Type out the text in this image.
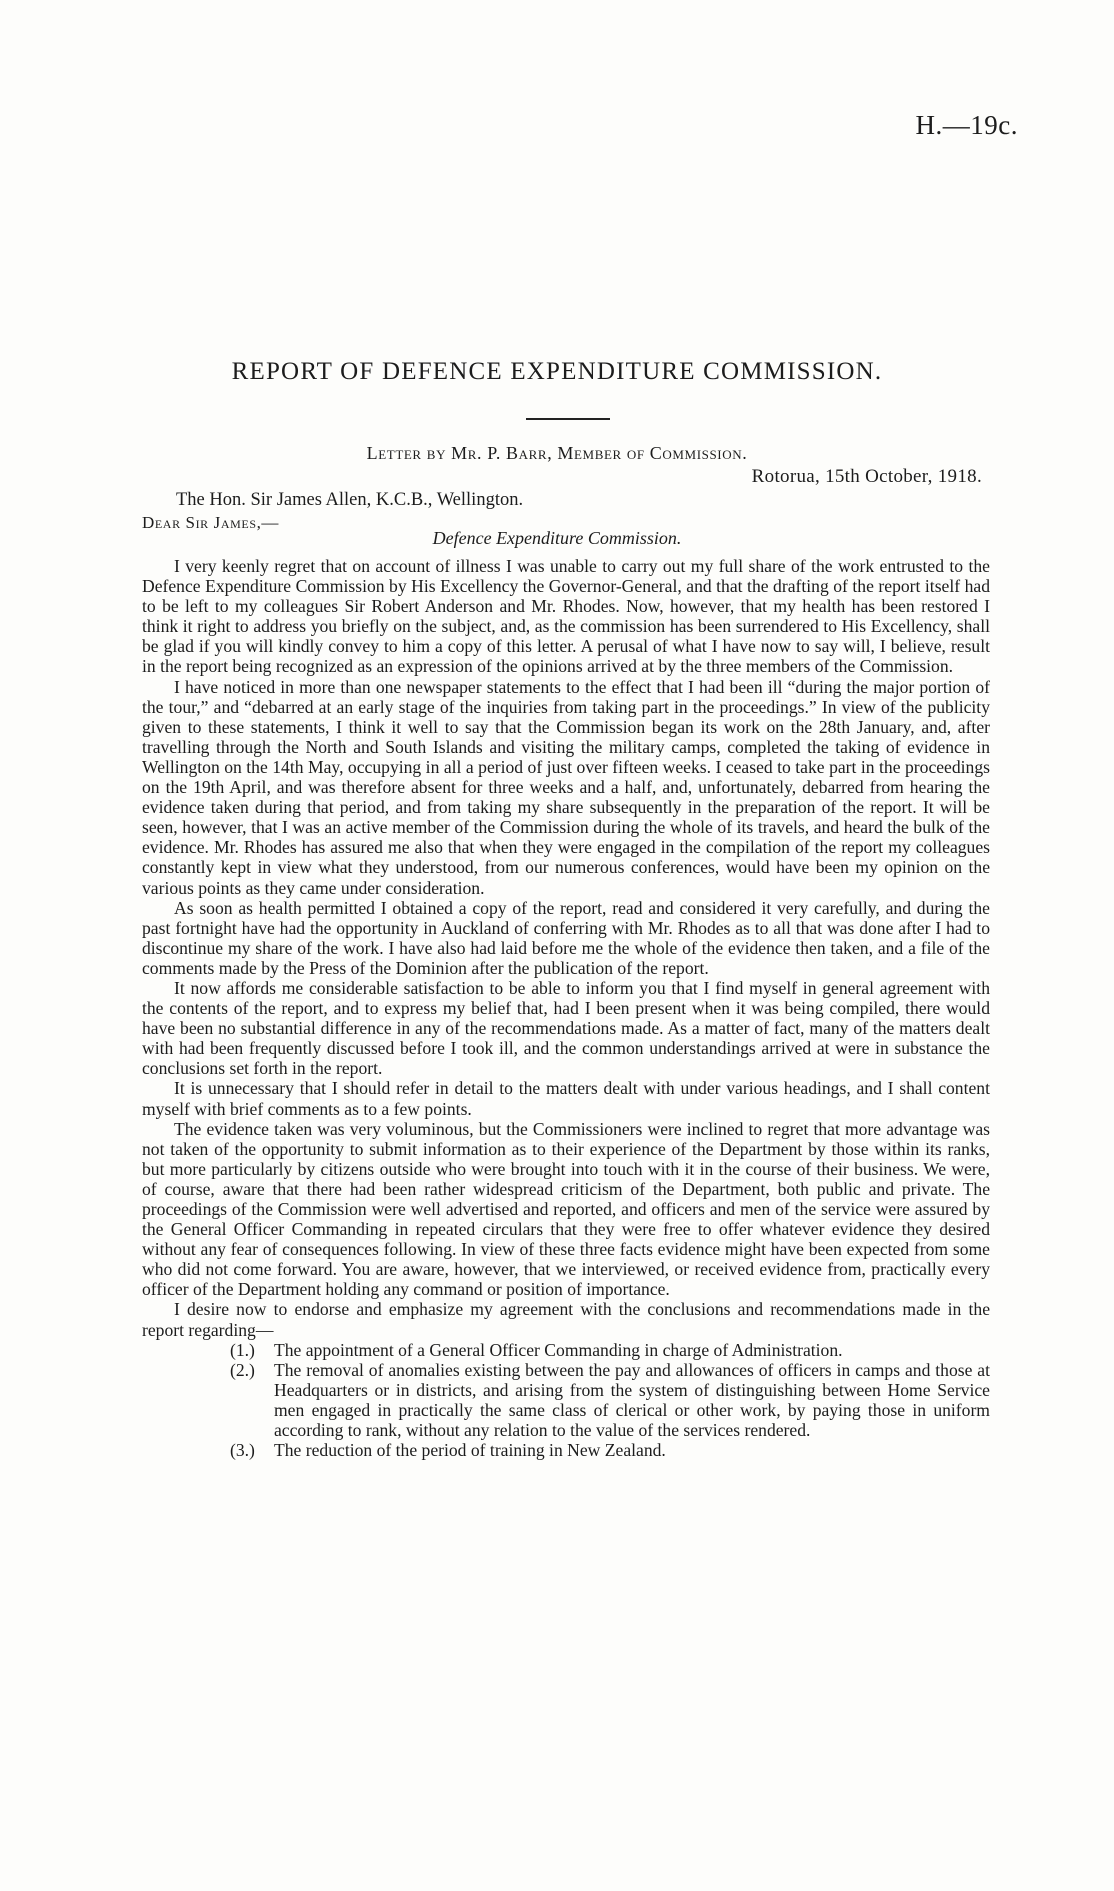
H.—19c.
REPORT OF DEFENCE EXPENDITURE COMMISSION.
Letter by Mr. P. Barr, Member of Commission.
Rotorua, 15th October, 1918.
The Hon. Sir James Allen, K.C.B., Wellington.
Dear Sir James,—
Defence Expenditure Commission.

I very keenly regret that on account of illness I was unable to carry out my full share of the work entrusted to the Defence Expenditure Commission by His Excellency the Governor-General, and that the drafting of the report itself had to be left to my colleagues Sir Robert Anderson and Mr. Rhodes. Now, however, that my health has been restored I think it right to address you briefly on the subject, and, as the commission has been surrendered to His Excellency, shall be glad if you will kindly convey to him a copy of this letter. A perusal of what I have now to say will, I believe, result in the report being recognized as an expression of the opinions arrived at by the three members of the Commission.

I have noticed in more than one newspaper statements to the effect that I had been ill “during the major portion of the tour,” and “debarred at an early stage of the inquiries from taking part in the proceedings.” In view of the publicity given to these statements, I think it well to say that the Commission began its work on the 28th January, and, after travelling through the North and South Islands and visiting the military camps, completed the taking of evidence in Wellington on the 14th May, occupying in all a period of just over fifteen weeks. I ceased to take part in the proceedings on the 19th April, and was therefore absent for three weeks and a half, and, unfortunately, debarred from hearing the evidence taken during that period, and from taking my share subsequently in the preparation of the report. It will be seen, however, that I was an active member of the Commission during the whole of its travels, and heard the bulk of the evidence. Mr. Rhodes has assured me also that when they were engaged in the compilation of the report my colleagues constantly kept in view what they understood, from our numerous conferences, would have been my opinion on the various points as they came under consideration.

As soon as health permitted I obtained a copy of the report, read and considered it very carefully, and during the past fortnight have had the opportunity in Auckland of conferring with Mr. Rhodes as to all that was done after I had to discontinue my share of the work. I have also had laid before me the whole of the evidence then taken, and a file of the comments made by the Press of the Dominion after the publication of the report.

It now affords me considerable satisfaction to be able to inform you that I find myself in general agreement with the contents of the report, and to express my belief that, had I been present when it was being compiled, there would have been no substantial difference in any of the recommendations made. As a matter of fact, many of the matters dealt with had been frequently discussed before I took ill, and the common understandings arrived at were in substance the conclusions set forth in the report.

It is unnecessary that I should refer in detail to the matters dealt with under various headings, and I shall content myself with brief comments as to a few points.

The evidence taken was very voluminous, but the Commissioners were inclined to regret that more advantage was not taken of the opportunity to submit information as to their experience of the Department by those within its ranks, but more particularly by citizens outside who were brought into touch with it in the course of their business. We were, of course, aware that there had been rather widespread criticism of the Department, both public and private. The proceedings of the Commission were well advertised and reported, and officers and men of the service were assured by the General Officer Commanding in repeated circulars that they were free to offer whatever evidence they desired without any fear of consequences following. In view of these three facts evidence might have been expected from some who did not come forward. You are aware, however, that we interviewed, or received evidence from, practically every officer of the Department holding any command or position of importance.

I desire now to endorse and emphasize my agreement with the conclusions and recommendations made in the report regarding—

(1.)	The appointment of a General Officer Commanding in charge of Administration.
(2.)	The removal of anomalies existing between the pay and allowances of officers in camps and those at Headquarters or in districts, and arising from the system of distinguishing between Home Service men engaged in practically the same class of clerical or other work, by paying those in uniform according to rank, without any relation to the value of the services rendered.
(3.)	The reduction of the period of training in New Zealand.
